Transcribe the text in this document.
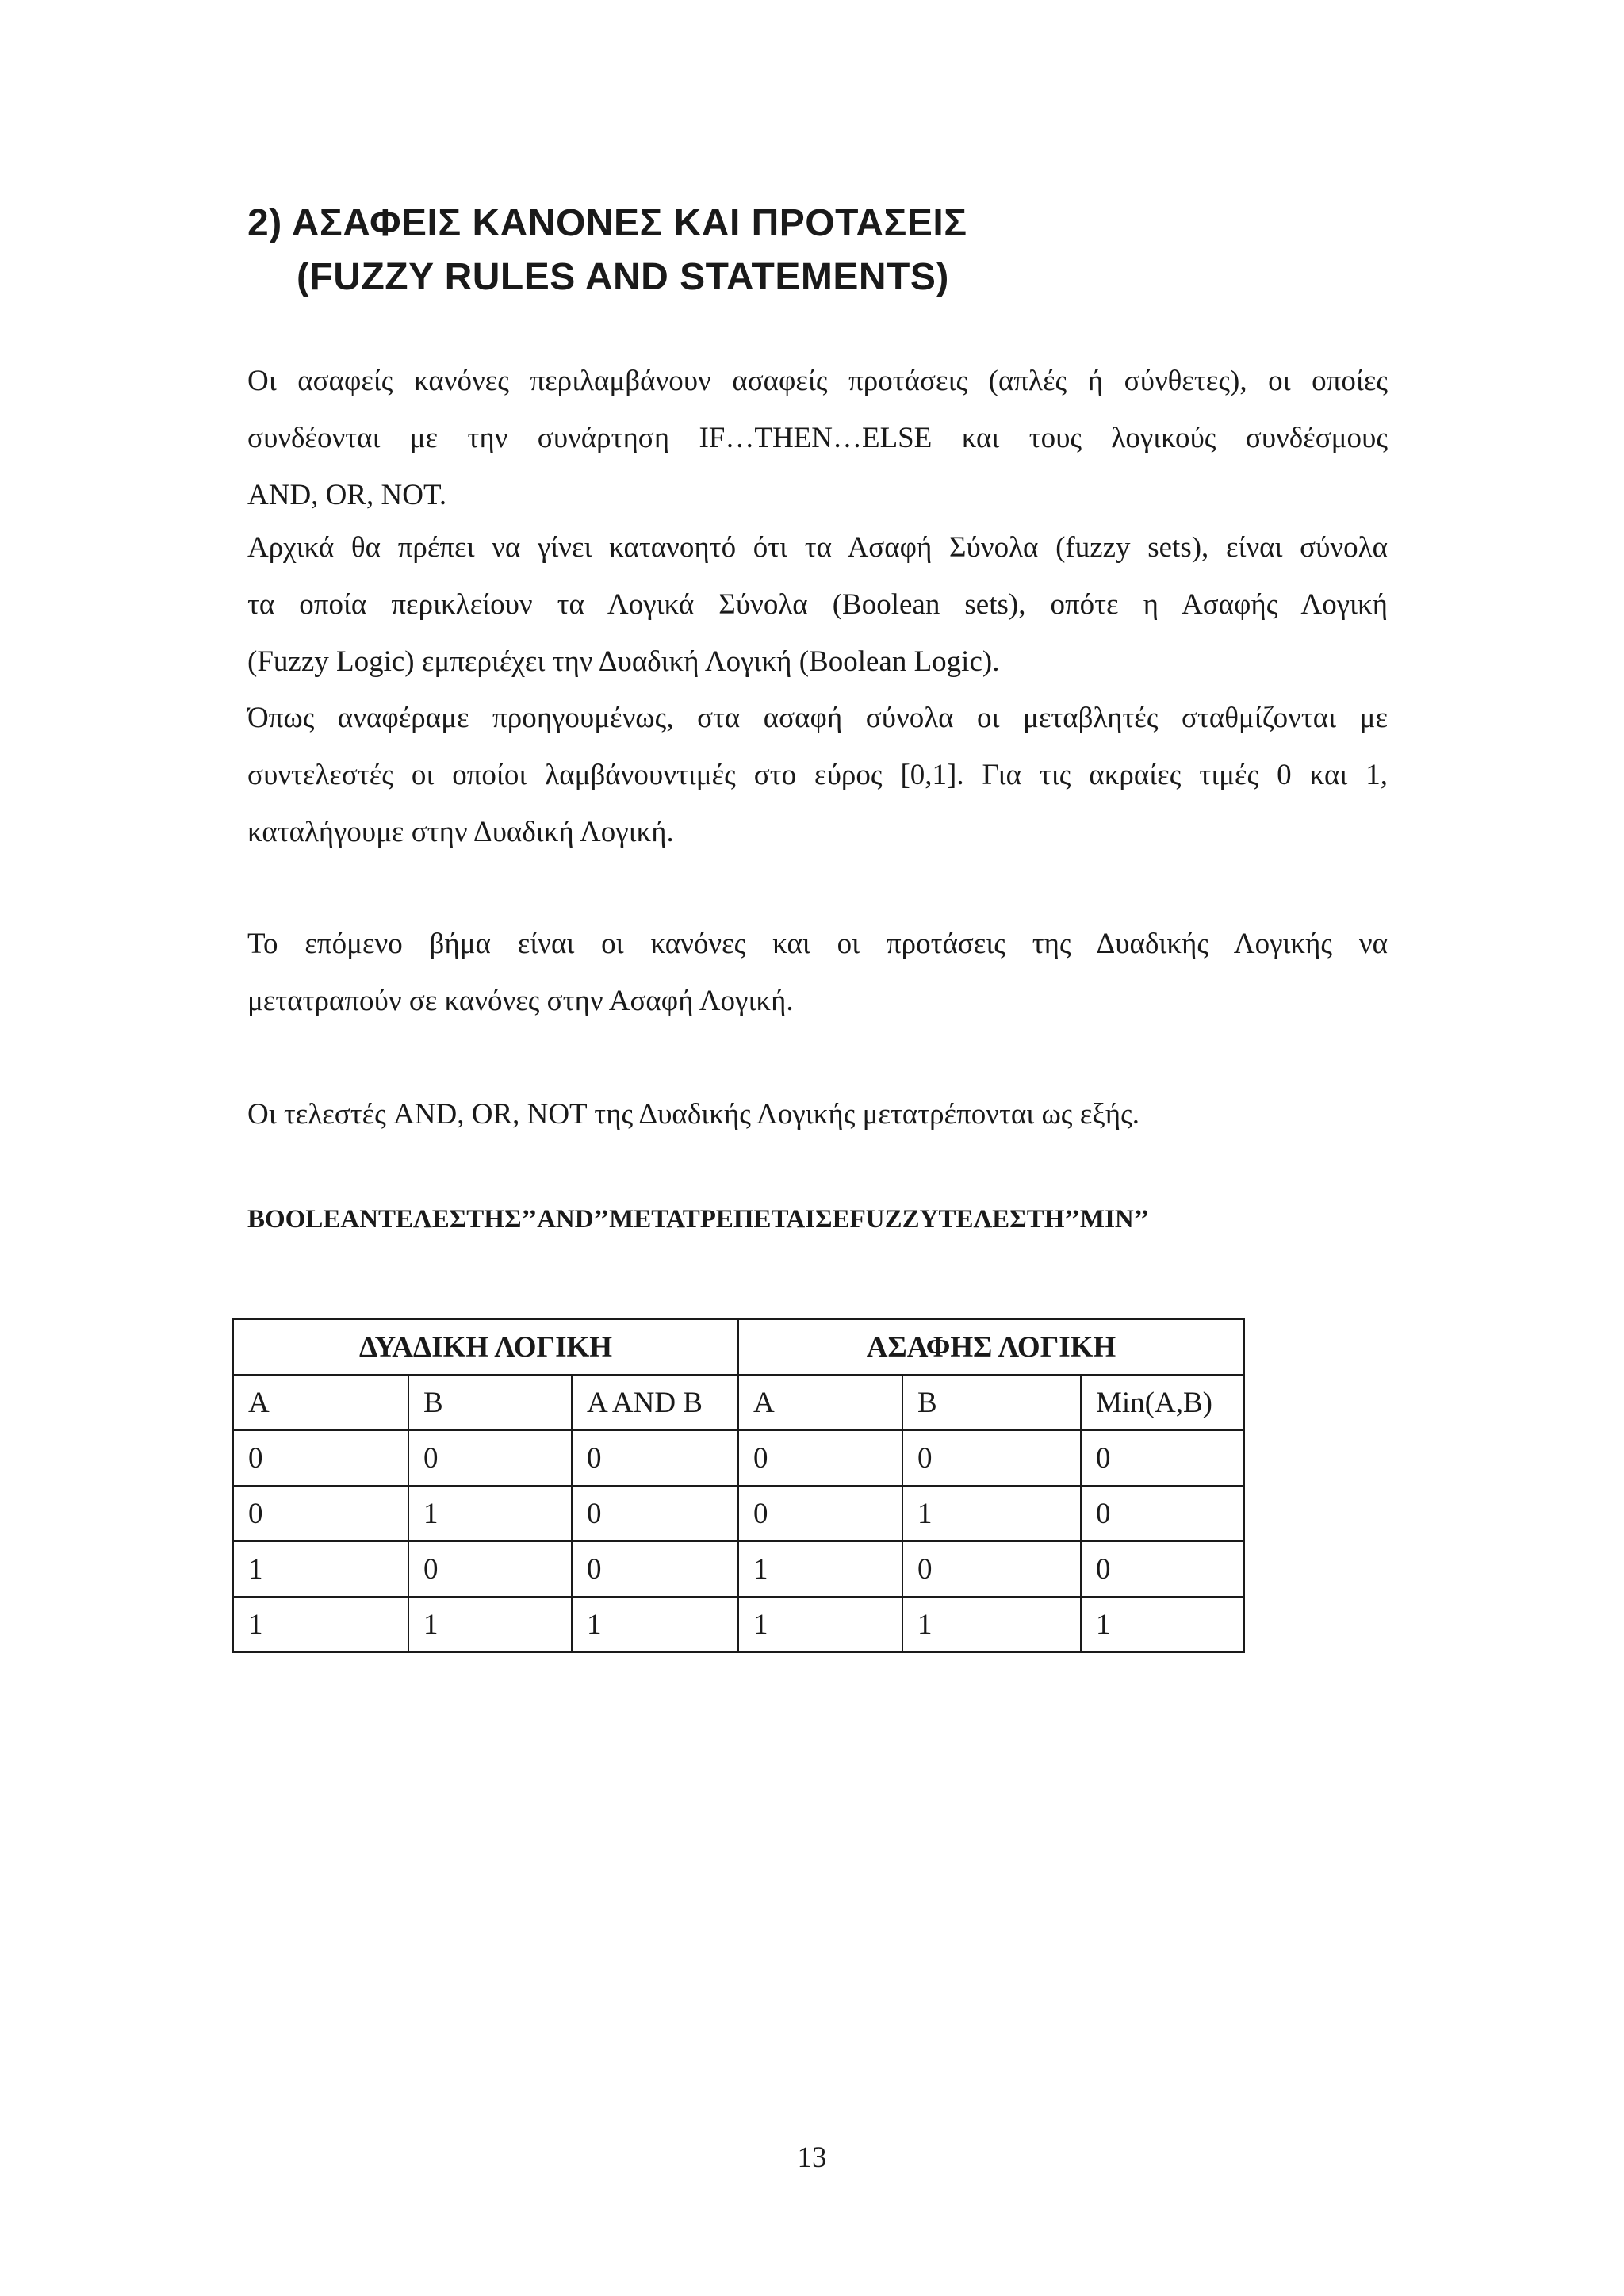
2) ΑΣΑΦΕΙΣ ΚΑΝΟΝΕΣ ΚΑΙ ΠΡΟΤΑΣΕΙΣ
(FUZZY RULES AND STATEMENTS)

Οι ασαφείς κανόνες περιλαμβάνουν ασαφείς προτάσεις (απλές ή σύνθετες), οι οποίες
συνδέονται με την συνάρτηση IF…THEN…ELSE και τους λογικούς συνδέσμους
AND, OR, NOT.

Αρχικά θα πρέπει να γίνει κατανοητό ότι τα Ασαφή Σύνολα (fuzzy sets), είναι σύνολα
τα οποία περικλείουν τα Λογικά Σύνολα (Boolean sets), οπότε η Ασαφής Λογική
(Fuzzy Logic) εμπεριέχει την Δυαδική Λογική (Boolean Logic).

Όπως αναφέραμε προηγουμένως, στα ασαφή σύνολα οι μεταβλητές σταθμίζονται με
συντελεστές οι οποίοι λαμβάνουντιμές στο εύρος [0,1]. Για τις ακραίες τιμές 0 και 1,
καταλήγουμε στην Δυαδική Λογική.

Το επόμενο βήμα είναι οι κανόνες και οι προτάσεις της Δυαδικής Λογικής να
μετατραπούν σε κανόνες στην Ασαφή Λογική.

Οι τελεστές AND, OR, NOT της Δυαδικής Λογικής μετατρέπονται ως εξής.

BOOLEANΤΕΛΕΣΤΗΣ’’AND’’ΜΕΤΑΤΡΕΠΕΤΑΙΣΕFUZZYΤΕΛΕΣΤΗ’’MIN’’

ΔΥΑΔΙΚΗ ΛΟΓΙΚΗ			ΑΣΑΦΗΣ ΛΟΓΙΚΗ		
A	B	A AND B	A	B	Min(A,B)
0	0	0	0	0	0
0	1	0	0	1	0
1	0	0	1	0	0
1	1	1	1	1	1
13
